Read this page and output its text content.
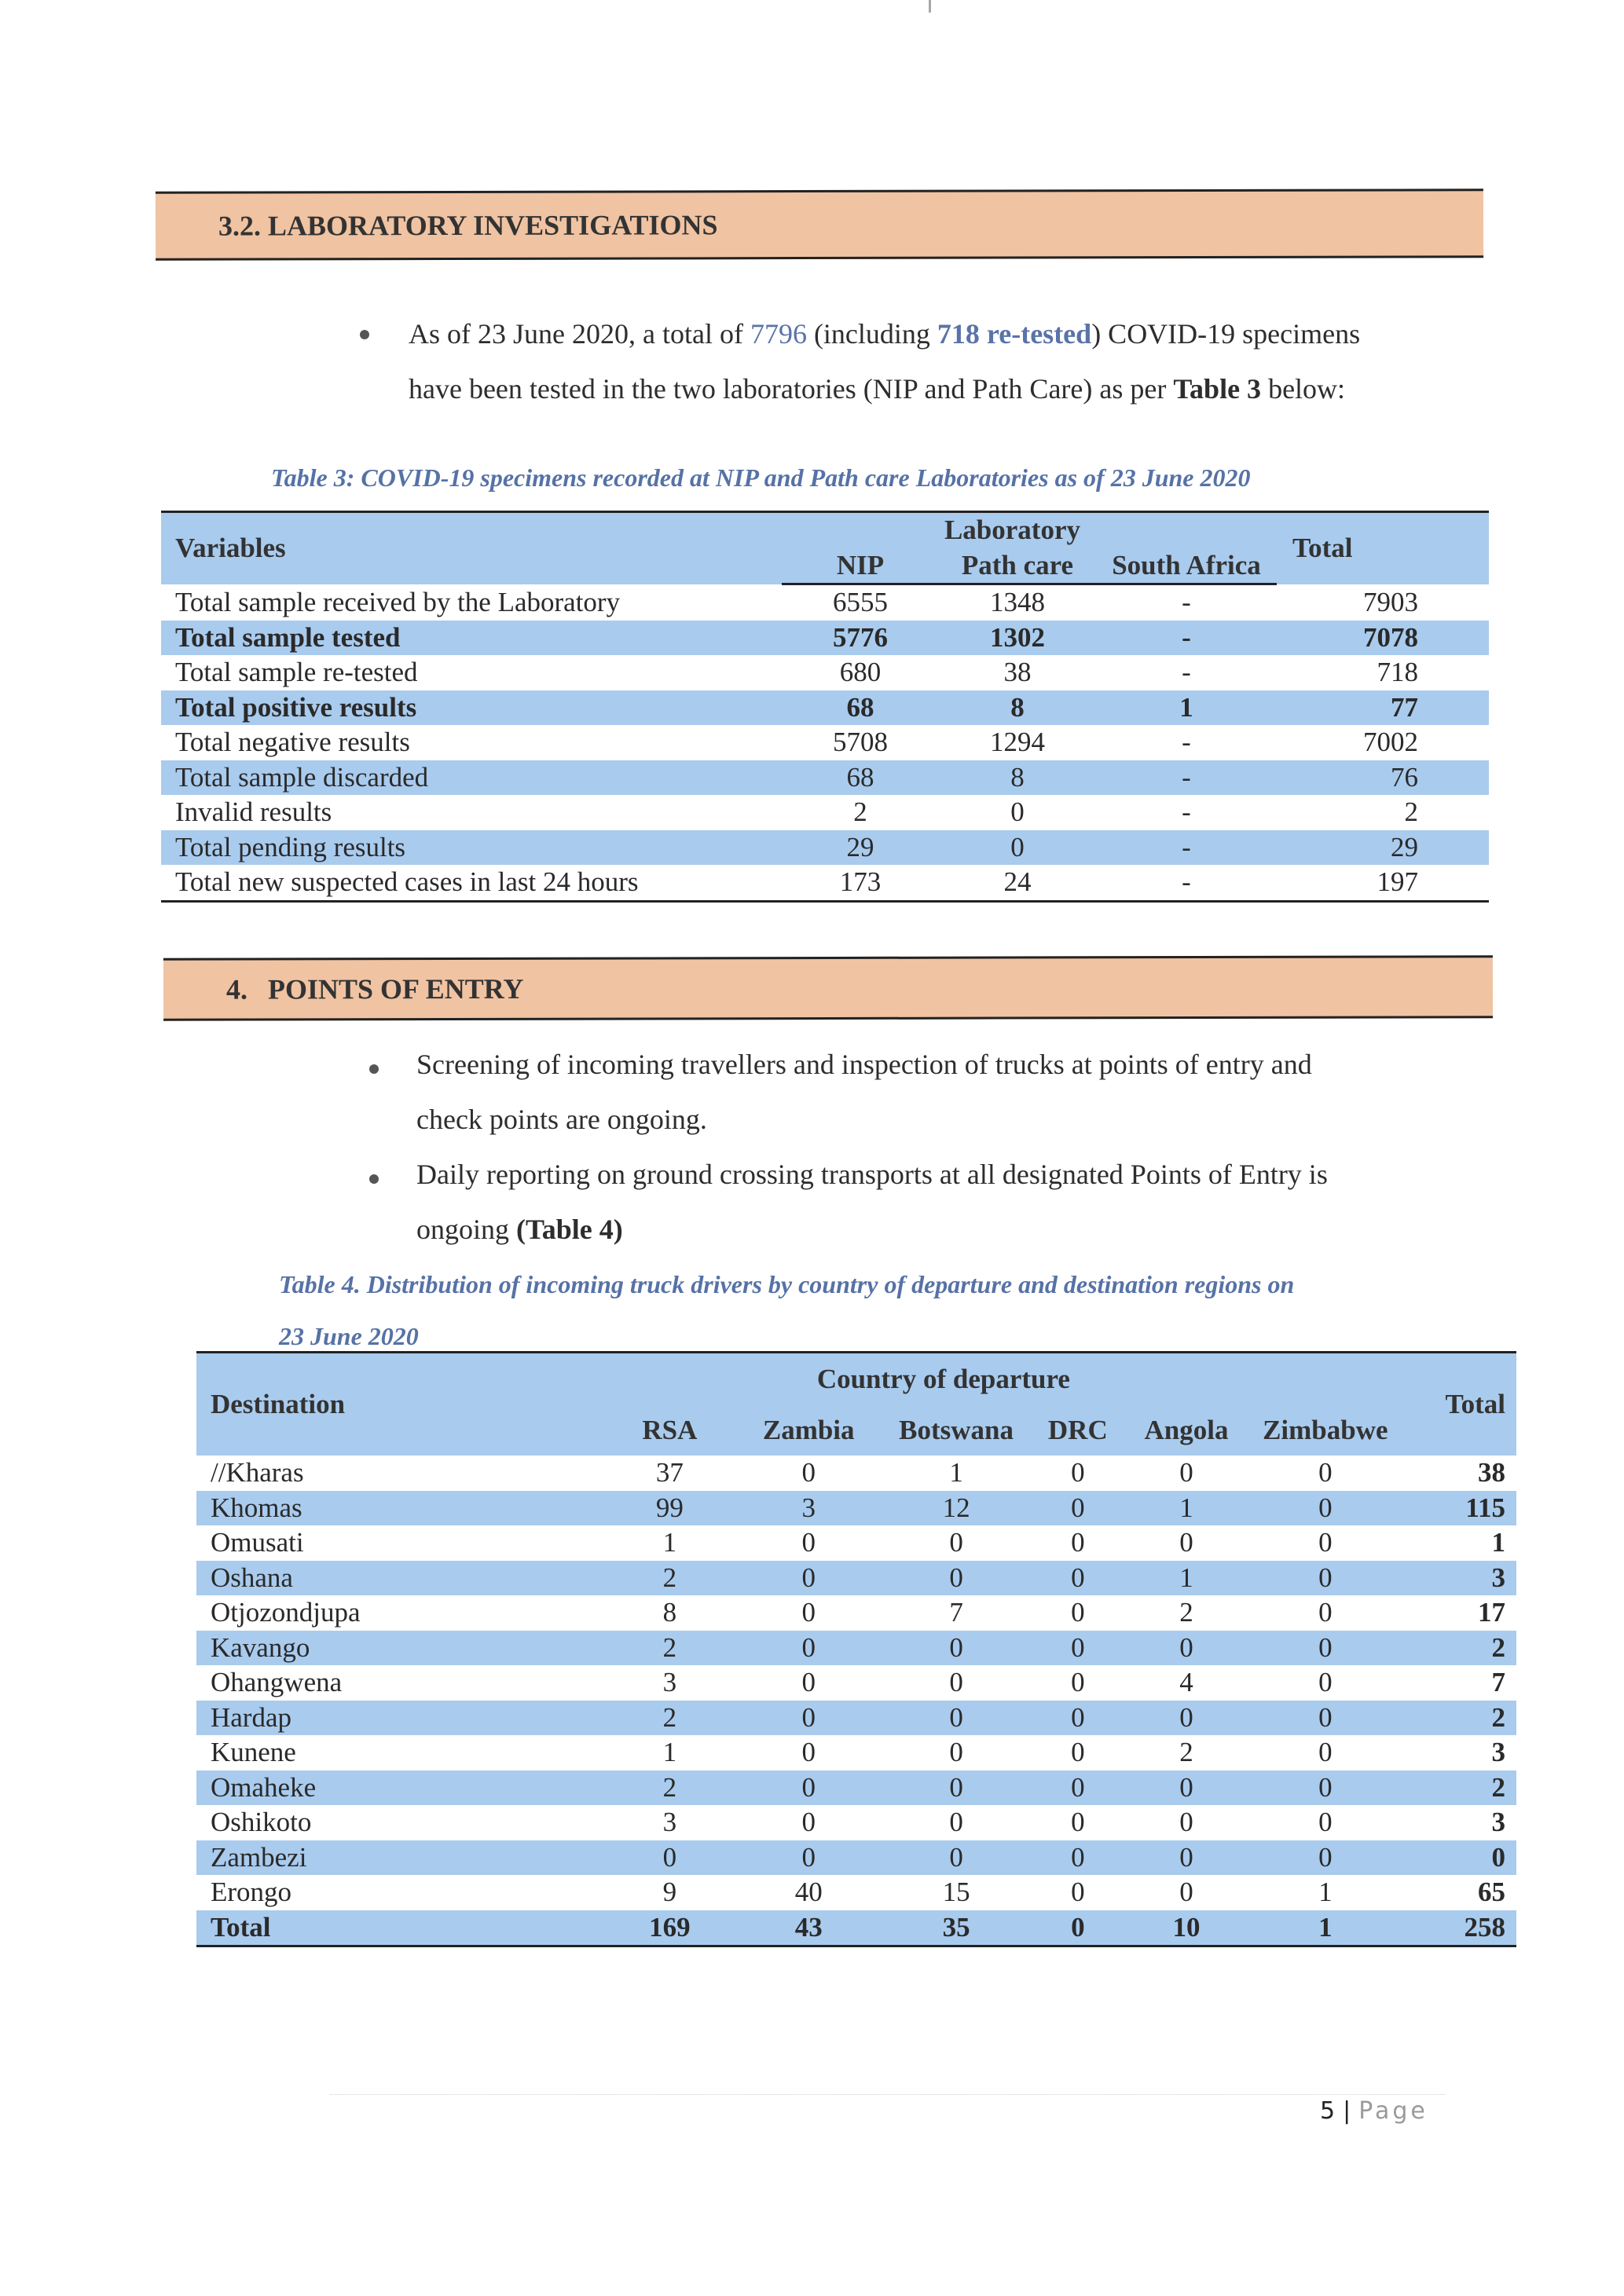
3.2. LABORATORY INVESTIGATIONS
As of 23 June 2020, a total of 7796 (including 718 re-tested) COVID-19 specimens
have been tested in the two laboratories (NIP and Path Care) as per Table 3 below:
Table 3: COVID-19 specimens recorded at NIP and Path care Laboratories as of 23 June 2020
Variables	Laboratory			Total
	NIP	Path care	South Africa	
Total sample received by the Laboratory	6555	1348	-	7903
Total sample tested	5776	1302	-	7078
Total sample re-tested	680	38	-	718
Total positive results	68	8	1	77
Total negative results	5708	1294	-	7002
Total sample discarded	68	8	-	76
Invalid results	2	0	-	2
Total pending results	29	0	-	29
Total new suspected cases in last 24 hours	173	24	-	197
4. POINTS OF ENTRY
Screening of incoming travellers and inspection of trucks at points of entry and
check points are ongoing.
Daily reporting on ground crossing transports at all designated Points of Entry is
ongoing (Table 4)
Table 4. Distribution of incoming truck drivers by country of departure and destination regions on
23 June 2020
Destination	Country of departure						Total
	RSA	Zambia	Botswana	DRC	Angola	Zimbabwe	
//Kharas	37	0	1	0	0	0	38
Khomas	99	3	12	0	1	0	115
Omusati	1	0	0	0	0	0	1
Oshana	2	0	0	0	1	0	3
Otjozondjupa	8	0	7	0	2	0	17
Kavango	2	0	0	0	0	0	2
Ohangwena	3	0	0	0	4	0	7
Hardap	2	0	0	0	0	0	2
Kunene	1	0	0	0	2	0	3
Omaheke	2	0	0	0	0	0	2
Oshikoto	3	0	0	0	0	0	3
Zambezi	0	0	0	0	0	0	0
Erongo	9	40	15	0	0	1	65
Total	169	43	35	0	10	1	258
5 | Page
